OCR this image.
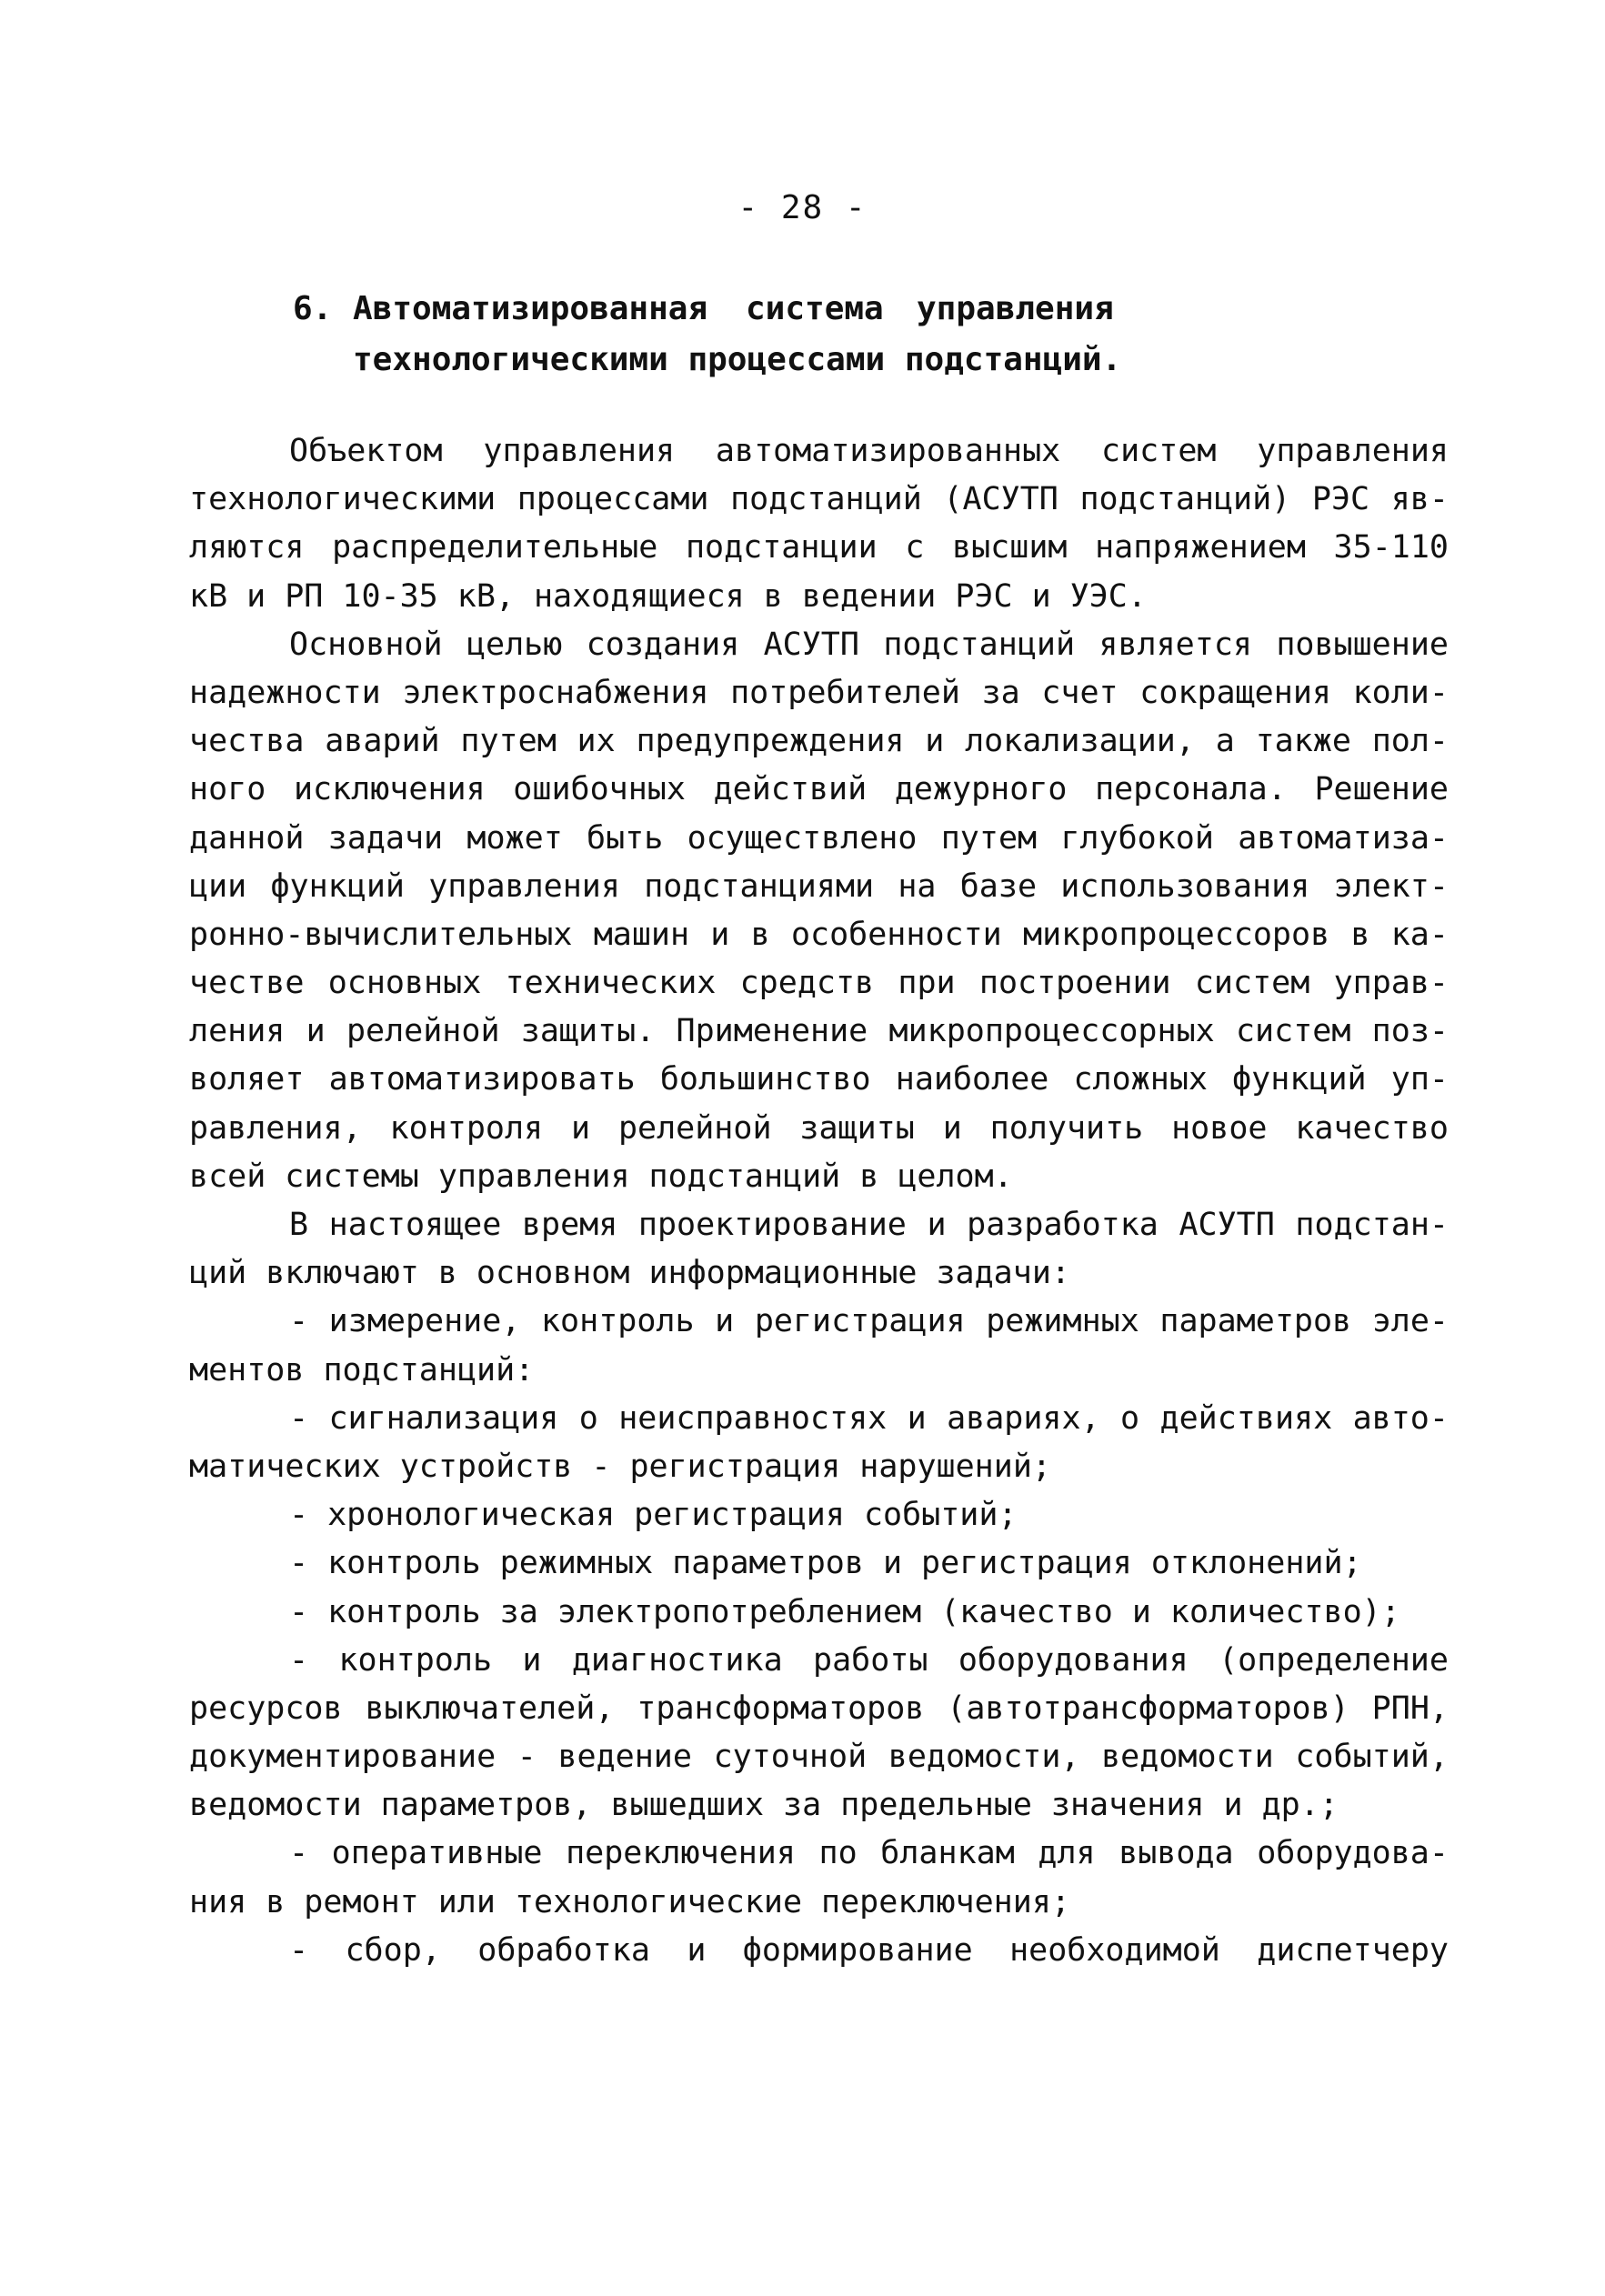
- 28 -

6. Автоматизированная система управления
технологическими процессами подстанций.
Объектом управления автоматизированных систем управления
технологическими процессами подстанций (АСУТП подстанций) РЭС яв-
ляются распределительные подстанции с высшим напряжением 35-110
кВ и РП 10-35 кВ, находящиеся в ведении РЭС и УЭС.
Основной целью создания АСУТП подстанций является повышение
надежности электроснабжения потребителей за счет сокращения коли-
чества аварий путем их предупреждения и локализации, а также пол-
ного исключения ошибочных действий дежурного персонала. Решение
данной задачи может быть осуществлено путем глубокой автоматиза-
ции функций управления подстанциями на базе использования элект-
ронно-вычислительных машин и в особенности микропроцессоров в ка-
честве основных технических средств при построении систем управ-
ления и релейной защиты. Применение микропроцессорных систем поз-
воляет автоматизировать большинство наиболее сложных функций уп-
равления, контроля и релейной защиты и получить новое качество
всей системы управления подстанций в целом.
В настоящее время проектирование и разработка АСУТП подстан-
ций включают в основном информационные задачи:
- измерение, контроль и регистрация режимных параметров эле-
ментов подстанций:
- сигнализация о неисправностях и авариях, о действиях авто-
матических устройств - регистрация нарушений;
- хронологическая регистрация событий;
- контроль режимных параметров и регистрация отклонений;
- контроль за электропотреблением (качество и количество);
- контроль и диагностика работы оборудования (определение
ресурсов выключателей, трансформаторов (автотрансформаторов) РПН,
документирование - ведение суточной ведомости, ведомости событий,
ведомости параметров, вышедших за предельные значения и др.;
- оперативные переключения по бланкам для вывода оборудова-
ния в ремонт или технологические переключения;
- сбор, обработка и формирование необходимой диспетчеру
